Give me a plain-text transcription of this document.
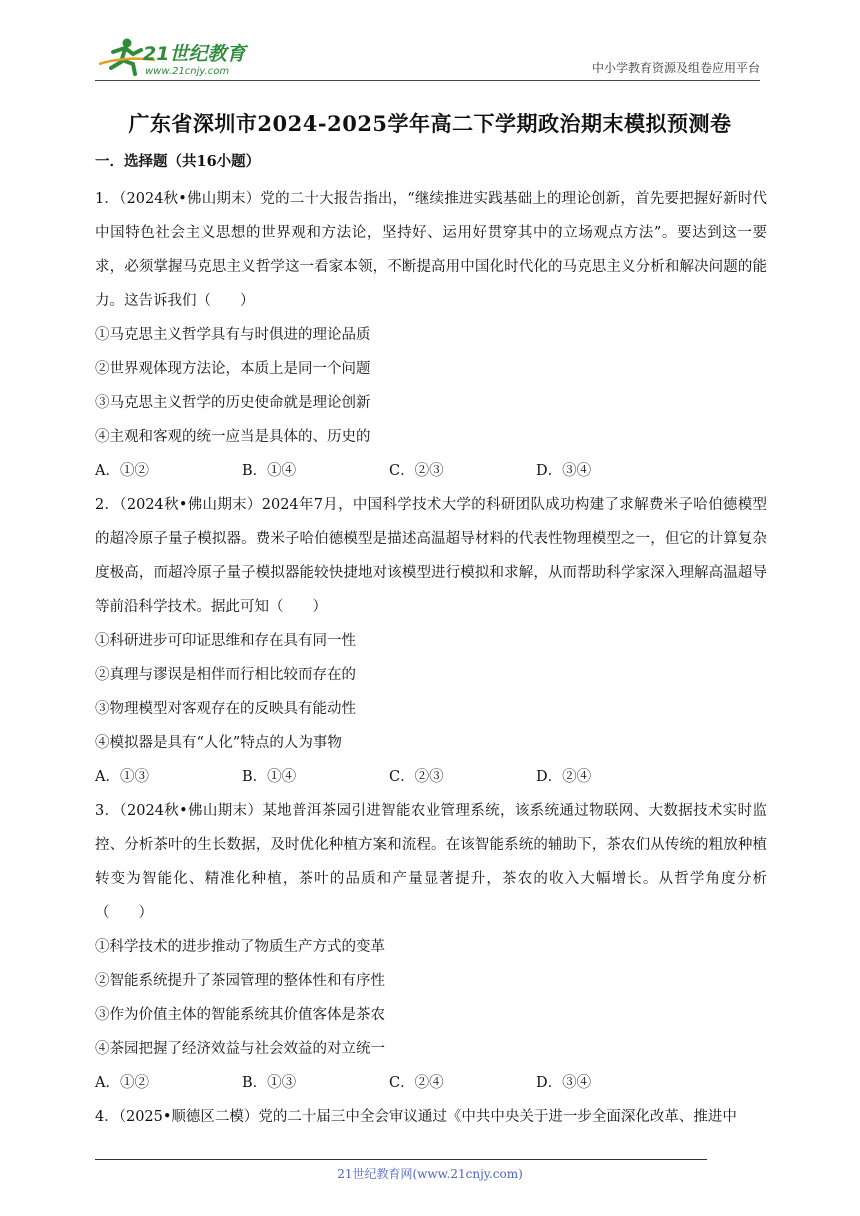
21世纪教育
www.21cnjy.com	中小学教育资源及组卷应用平台
广东省深圳市2024-2025学年高二下学期政治期末模拟预测卷
一．选择题（共16小题）

1．（2024秋•佛山期末）党的二十大报告指出，“继续推进实践基础上的理论创新，首先要把握好新时代中国特色社会主义思想的世界观和方法论，坚持好、运用好贯穿其中的立场观点方法”。要达到这一要求，必须掌握马克思主义哲学这一看家本领，不断提高用中国化时代化的马克思主义分析和解决问题的能力。这告诉我们（　　）

①马克思主义哲学具有与时俱进的理论品质

②世界观体现方法论，本质上是同一个问题

③马克思主义哲学的历史使命就是理论创新

④主观和客观的统一应当是具体的、历史的

A．①②	B．①④	C．②③	D．③④

2．（2024秋•佛山期末）2024年7月，中国科学技术大学的科研团队成功构建了求解费米子哈伯德模型的超冷原子量子模拟器。费米子哈伯德模型是描述高温超导材料的代表性物理模型之一，但它的计算复杂度极高，而超冷原子量子模拟器能较快捷地对该模型进行模拟和求解，从而帮助科学家深入理解高温超导等前沿科学技术。据此可知（　　）

①科研进步可印证思维和存在具有同一性

②真理与谬误是相伴而行相比较而存在的

③物理模型对客观存在的反映具有能动性

④模拟器是具有“人化”特点的人为事物

A．①③	B．①④	C．②③	D．②④

3．（2024秋•佛山期末）某地普洱茶园引进智能农业管理系统，该系统通过物联网、大数据技术实时监控、分析茶叶的生长数据，及时优化种植方案和流程。在该智能系统的辅助下，茶农们从传统的粗放种植转变为智能化、精准化种植，茶叶的品质和产量显著提升，茶农的收入大幅增长。从哲学角度分析（　　）

①科学技术的进步推动了物质生产方式的变革

②智能系统提升了茶园管理的整体性和有序性

③作为价值主体的智能系统其价值客体是茶农

④茶园把握了经济效益与社会效益的对立统一

A．①②	B．①③	C．②④	D．③④

4．（2025•顺德区二模）党的二十届三中全会审议通过《中共中央关于进一步全面深化改革、推进中

21世纪教育网(www.21cnjy.com)
